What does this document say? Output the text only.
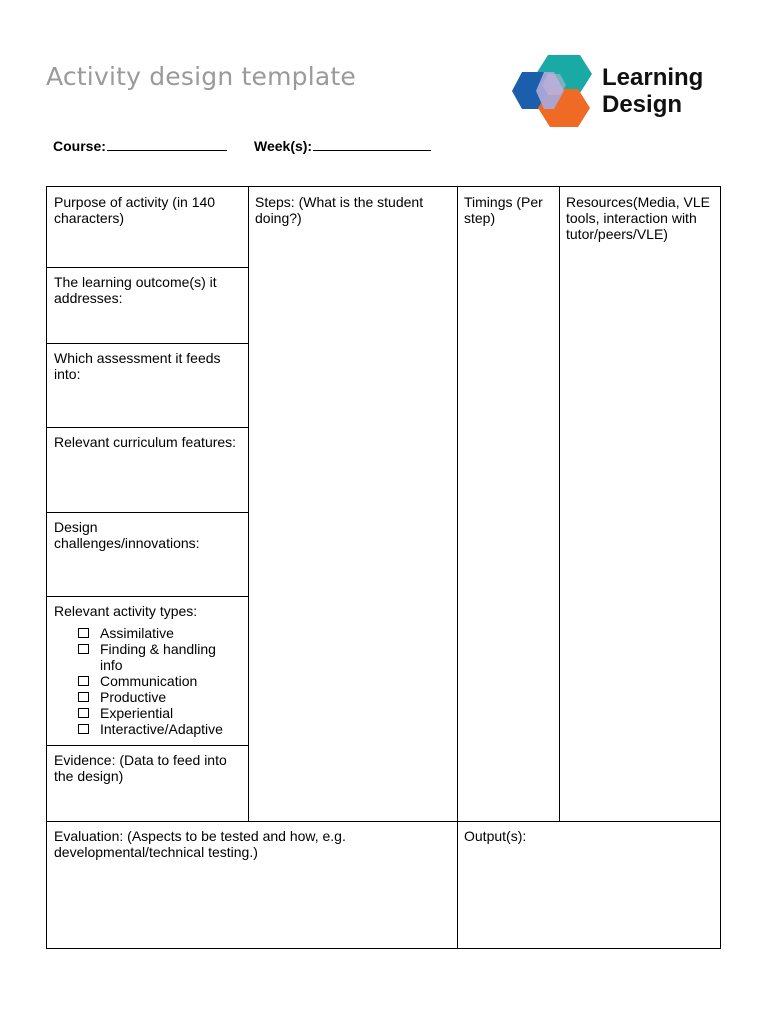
Activity design template	Learning
Design
Course:	Week(s):
Purpose of activity (in 140 characters)
The learning outcome(s) it addresses:
Which assessment it feeds into:
Relevant curriculum features:
Design challenges/innovations:
Relevant activity types:
Assimilative
Finding & handling info
Communication
Productive
Experiential
Interactive/Adaptive
Evidence: (Data to feed into the design)
Steps: (What is the student doing?)
Timings (Per step)
Resources(Media, VLE tools, interaction with tutor/peers/VLE)
Evaluation: (Aspects to be tested and how, e.g. developmental/technical testing.)
Output(s):
